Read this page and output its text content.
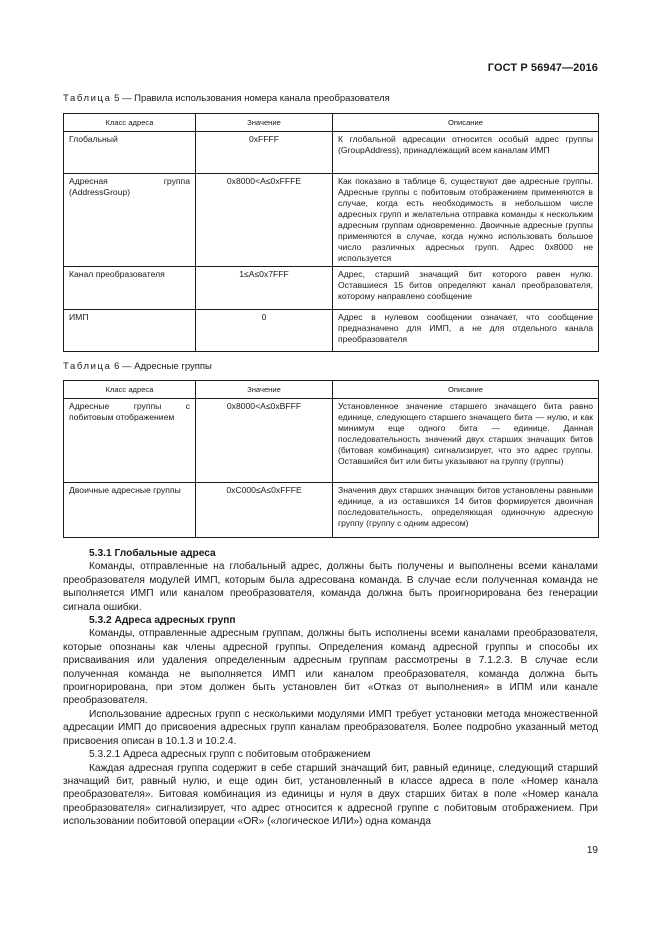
ГОСТ Р 56947—2016
Таблица 5 — Правила использования номера канала преобразователя
Класс адреса	Значение	Описание
Глобальный	0xFFFF	К глобальной адресации относится особый адрес группы (GroupAddress), принадлежащий всем каналам ИМП
Адресная группа (AddressGroup)	0x8000<A≤0xFFFE	Как показано в таблице 6, существуют две адресные группы. Адресные группы с побитовым отображением применяются в случае, когда есть необходимость в небольшом числе адресных групп и желательна отправка команды к нескольким адресным группам одновременно. Двоичные адресные группы применяются в случае, когда нужно использовать большое число различных адресных групп. Адрес 0x8000 не используется
Канал преобразователя	1≤A≤0x7FFF	Адрес, старший значащий бит которого равен нулю. Оставшиеся 15 битов определяют канал преобразователя, которому направлено сообщение
ИМП	0	Адрес в нулевом сообщении означает, что сообщение предназначено для ИМП, а не для отдельного канала преобразователя
Таблица 6 — Адресные группы
Класс адреса	Значение	Описание
Адресные группы с побитовым отображением	0x8000<A≤0xBFFF	Установленное значение старшего значащего бита равно единице, следующего старшего значащего бита — нулю, и как минимум еще одного бита — единице. Данная последовательность значений двух старших значащих битов (битовая комбинация) сигнализирует, что это адрес группы. Оставшийся бит или биты указывают на группу (группы)
Двоичные адресные группы	0xC000≤A≤0xFFFE	Значения двух старших значащих битов установлены равными единице, а из оставшихся 14 битов формируется двоичная последовательность, определяющая одиночную адресную группу (группу с одним адресом)

5.3.1 Глобальные адреса

Команды, отправленные на глобальный адрес, должны быть получены и выполнены всеми каналами преобразователя модулей ИМП, которым была адресована команда. В случае если полученная команда не выполняется ИМП или каналом преобразователя, команда должна быть проигнорирована без генерации сигнала ошибки.

5.3.2 Адреса адресных групп

Команды, отправленные адресным группам, должны быть исполнены всеми каналами преобразователя, которые опознаны как члены адресной группы. Определения команд адресной группы и способы их присваивания или удаления определенным адресным группам рассмотрены в 7.1.2.3. В случае если полученная команда не выполняется ИМП или каналом преобразователя, команда должна быть проигнорирована, при этом должен быть установлен бит «Отказ от выполнения» в ИПМ или канале преобразователя.

Использование адресных групп с несколькими модулями ИМП требует установки метода множественной адресации ИМП до присвоения адресных групп каналам преобразователя. Более подробно указанный метод присвоения описан в 10.1.3 и 10.2.4.

5.3.2.1 Адреса адресных групп с побитовым отображением

Каждая адресная группа содержит в себе старший значащий бит, равный единице, следующий старший значащий бит, равный нулю, и еще один бит, установленный в классе адреса в поле «Номер канала преобразователя». Битовая комбинация из единицы и нуля в двух старших битах в поле «Номер канала преобразователя» сигнализирует, что адрес относится к адресной группе с побитовым отображением. При использовании побитовой операции «OR» («логическое ИЛИ») одна команда

19
